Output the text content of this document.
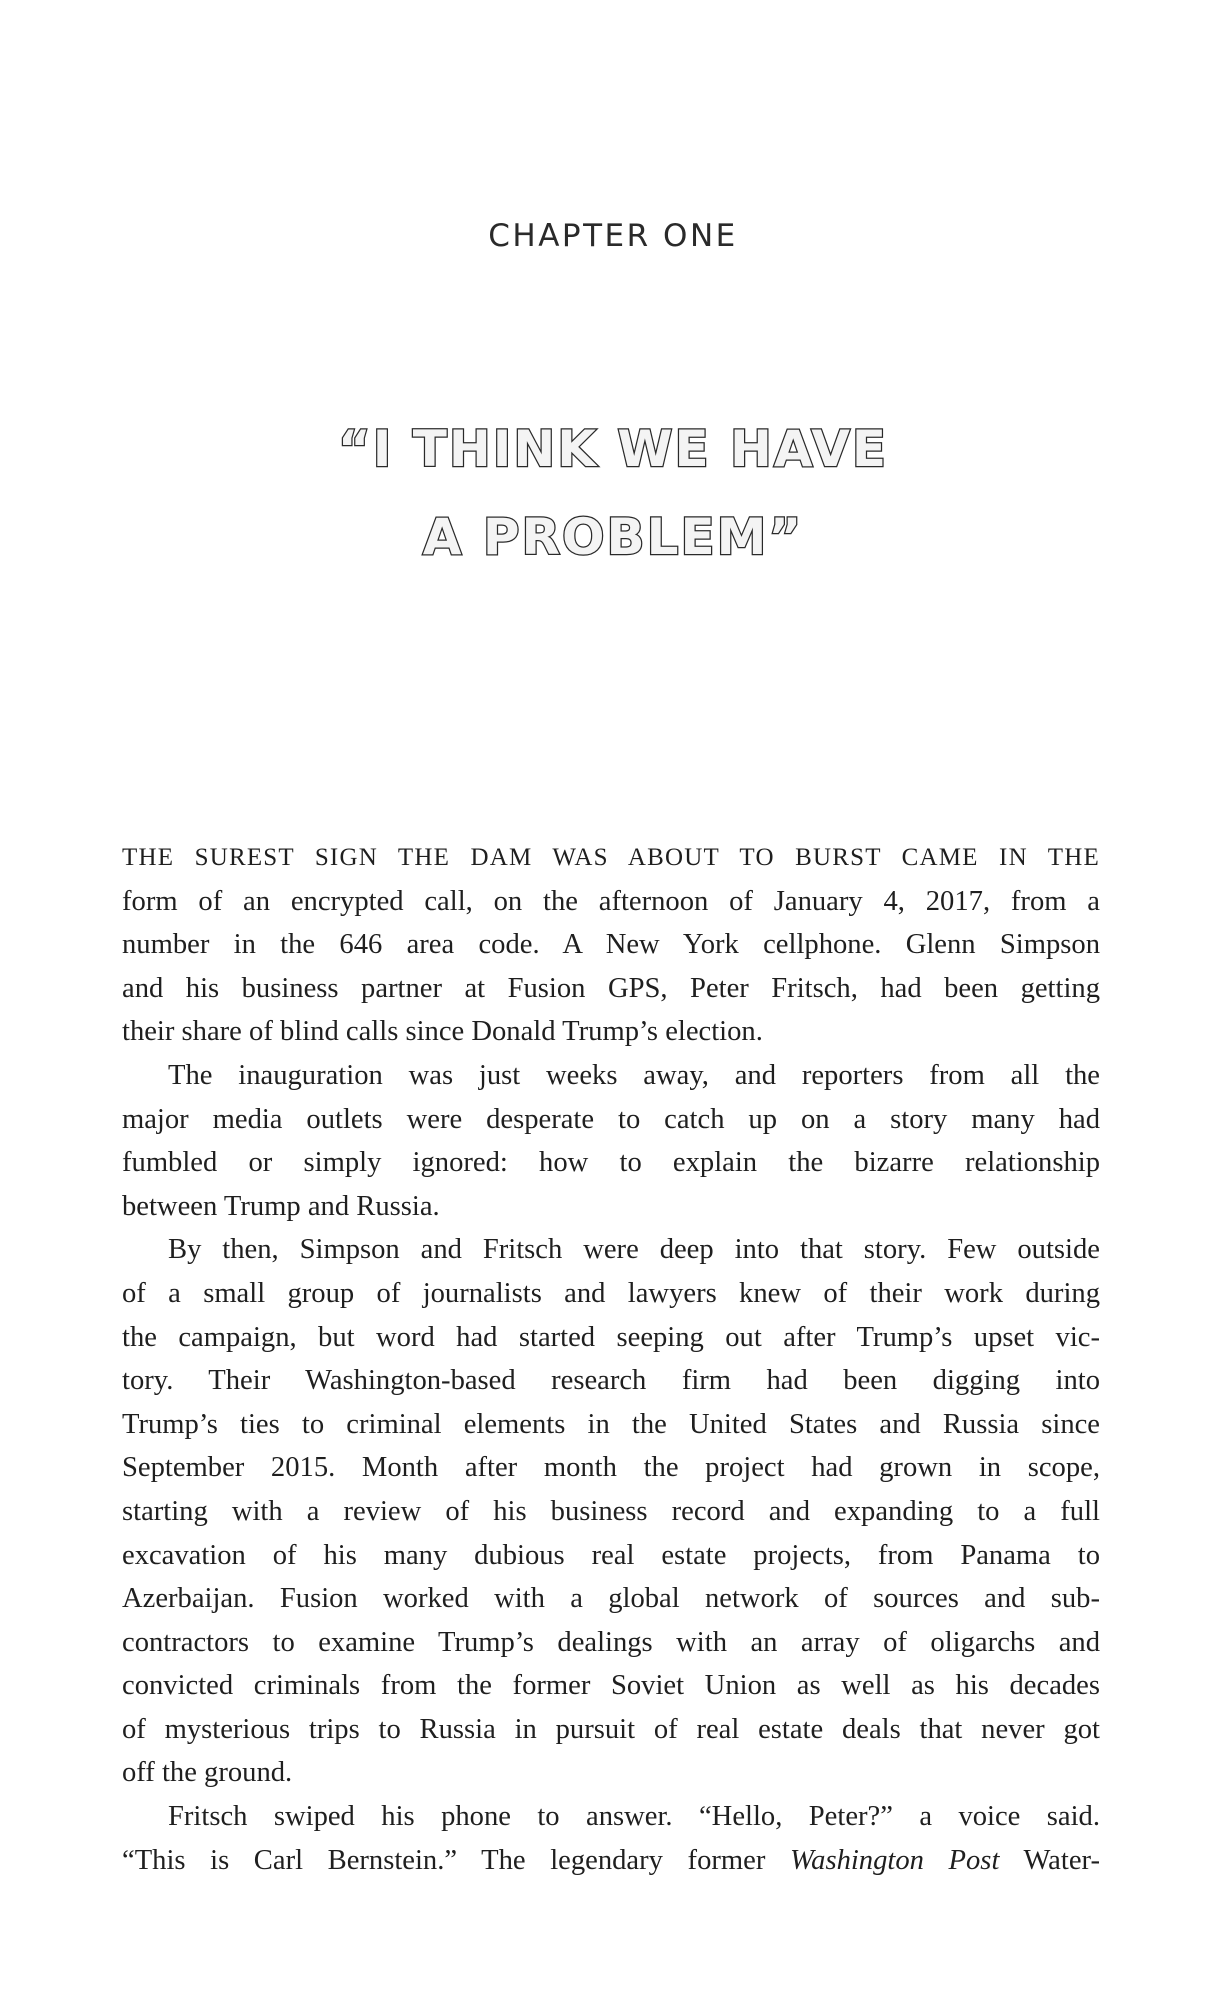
CHAPTER ONE
“I THINK WE HAVE
A PROBLEM”
THE SUREST SIGN THE DAM WAS ABOUT TO BURST CAME IN THE
form of an encrypted call, on the afternoon of January 4, 2017, from a
number in the 646 area code. A New York cellphone. Glenn Simpson
and his business partner at Fusion GPS, Peter Fritsch, had been getting
their share of blind calls since Donald Trump’s election.
The inauguration was just weeks away, and reporters from all the
major media outlets were desperate to catch up on a story many had
fumbled or simply ignored: how to explain the bizarre relationship
between Trump and Russia.
By then, Simpson and Fritsch were deep into that story. Few outside
of a small group of journalists and lawyers knew of their work during
the campaign, but word had started seeping out after Trump’s upset vic-
tory. Their Washington-based research firm had been digging into
Trump’s ties to criminal elements in the United States and Russia since
September 2015. Month after month the project had grown in scope,
starting with a review of his business record and expanding to a full
excavation of his many dubious real estate projects, from Panama to
Azerbaijan. Fusion worked with a global network of sources and sub-
contractors to examine Trump’s dealings with an array of oligarchs and
convicted criminals from the former Soviet Union as well as his decades
of mysterious trips to Russia in pursuit of real estate deals that never got
off the ground.
Fritsch swiped his phone to answer. “Hello, Peter?” a voice said.
“This is Carl Bernstein.” The legendary former Washington Post Water-
